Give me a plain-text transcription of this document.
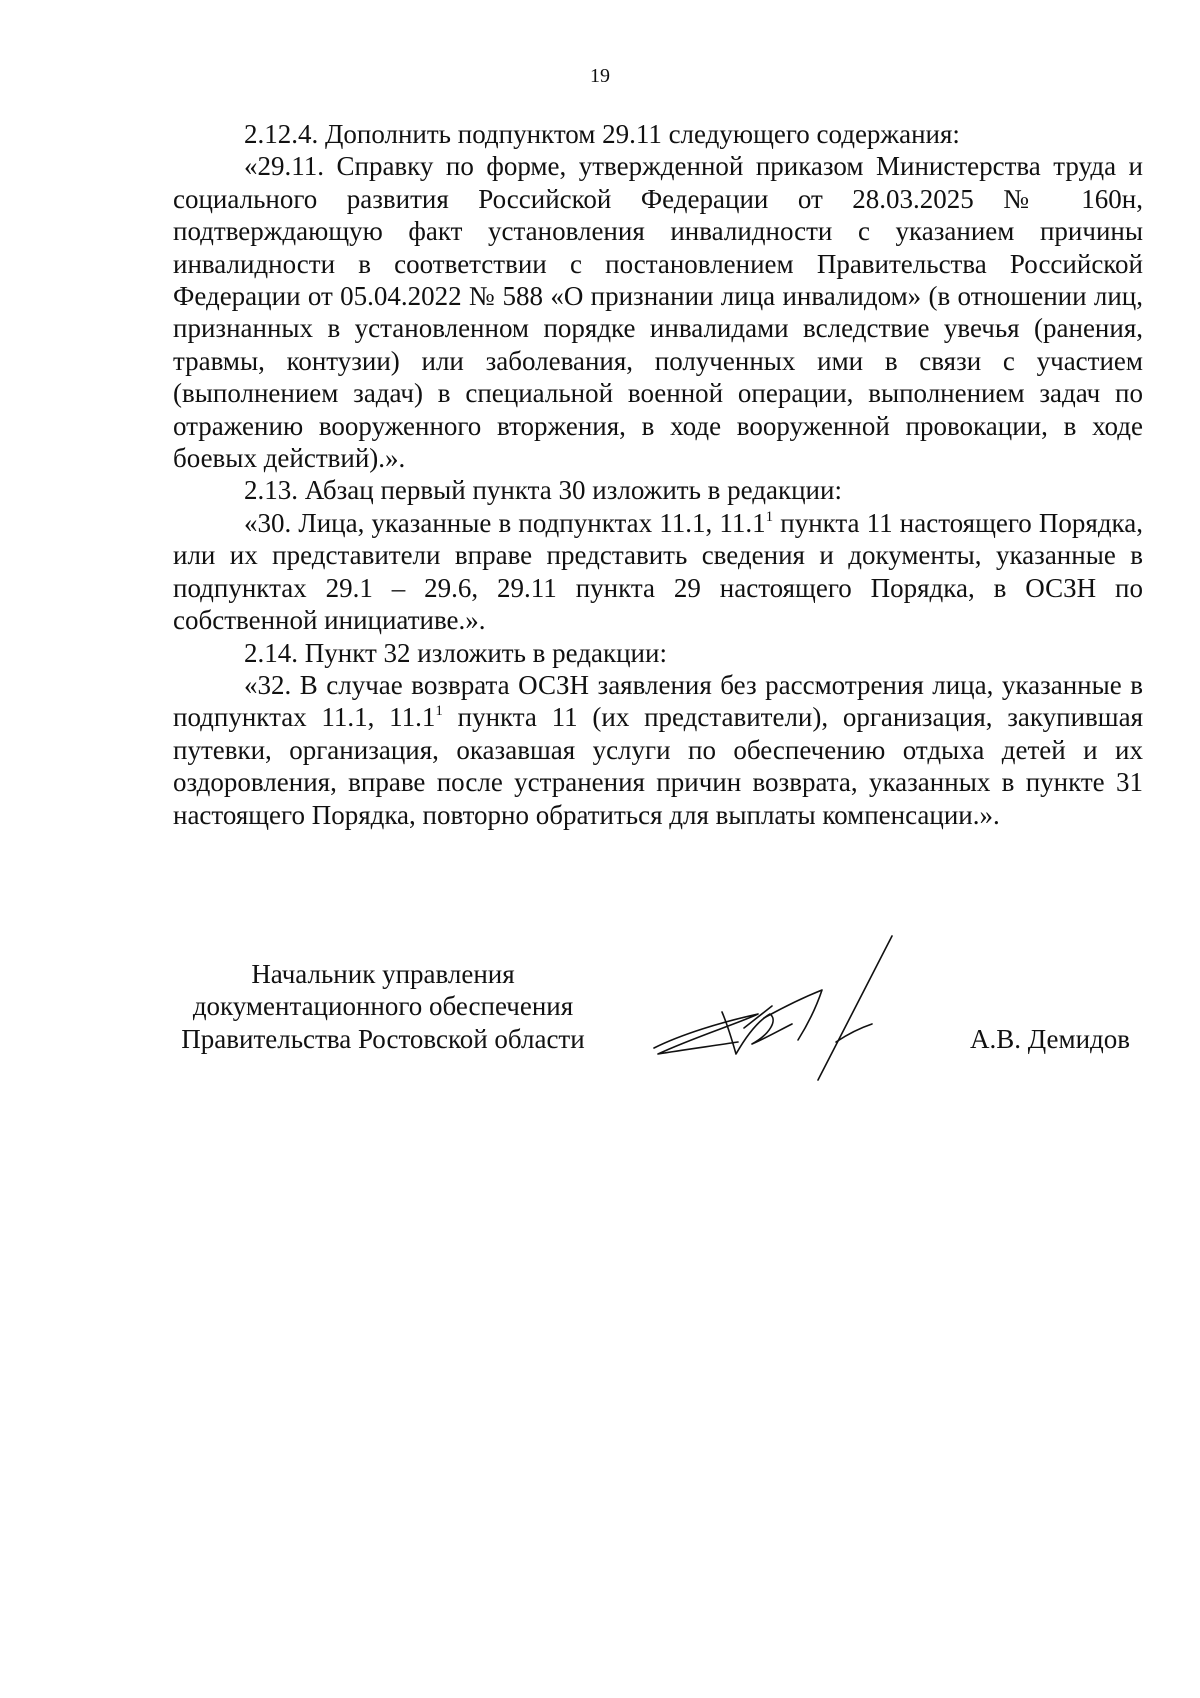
19

2.12.4. Дополнить подпунктом 29.11 следующего содержания:

«29.11. Справку по форме, утвержденной приказом Министерства труда и социального развития Российской Федерации от 28.03.2025 № 160н, подтверждающую факт установления инвалидности с указанием причины инвалидности в соответствии с постановлением Правительства Российской Федерации от 05.04.2022 № 588 «О признании лица инвалидом» (в отношении лиц, признанных в установленном порядке инвалидами вследствие увечья (ранения, травмы, контузии) или заболевания, полученных ими в связи с участием (выполнением задач) в специальной военной операции, выполнением задач по отражению вооруженного вторжения, в ходе вооруженной провокации, в ходе боевых действий).».

2.13. Абзац первый пункта 30 изложить в редакции:

«30. Лица, указанные в подпунктах 11.1, 11.1$^1$ пункта 11 настоящего Порядка, или их представители вправе представить сведения и документы, указанные в подпунктах 29.1 – 29.6, 29.11 пункта 29 настоящего Порядка, в ОСЗН по собственной инициативе.».

2.14. Пункт 32 изложить в редакции:

«32. В случае возврата ОСЗН заявления без рассмотрения лица, указанные в подпунктах 11.1, 11.1$^1$ пункта 11 (их представители), организация, закупившая путевки, организация, оказавшая услуги по обеспечению отдыха детей и их оздоровления, вправе после устранения причин возврата, указанных в пункте 31 настоящего Порядка, повторно обратиться для выплаты компенсации.».

Начальник управления
документационного обеспечения
Правительства Ростовской области	А.В. Демидов
